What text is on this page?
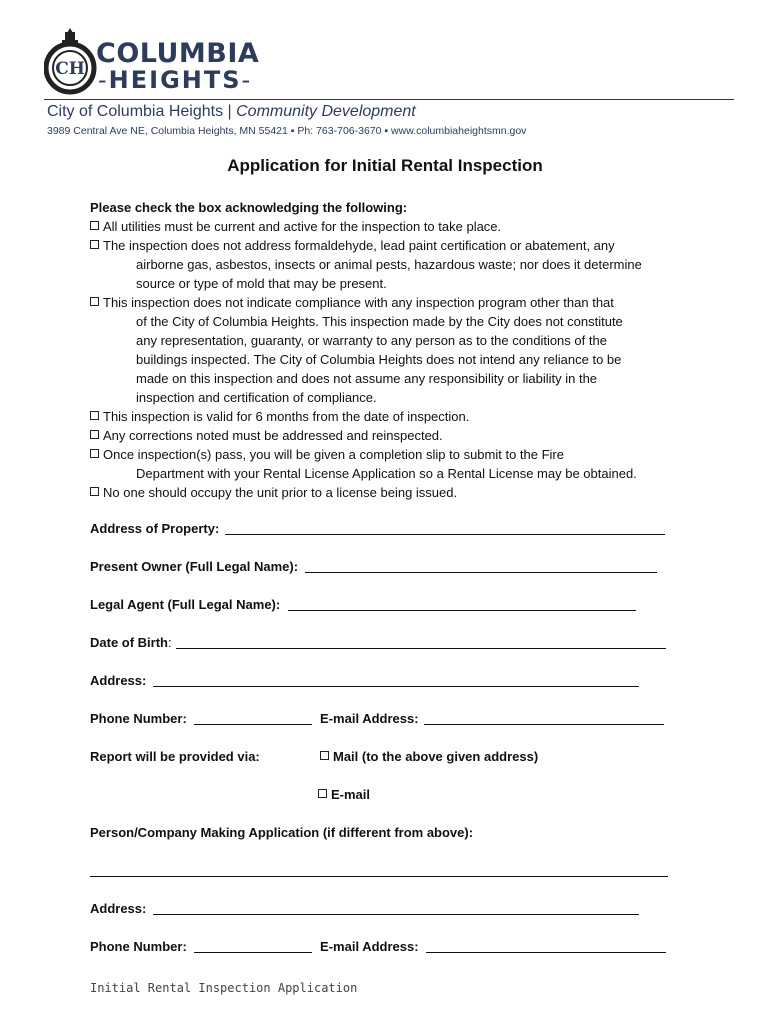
CH COLUMBIA
-HEIGHTS-
City of Columbia Heights | Community Development
3989 Central Ave NE, Columbia Heights, MN 55421 ▪ Ph: 763-706-3670 ▪ www.columbiaheightsmn.gov
Application for Initial Rental Inspection
Please check the box acknowledging the following:
All utilities must be current and active for the inspection to take place.
The inspection does not address formaldehyde, lead paint certification or abatement, any
airborne gas, asbestos, insects or animal pests, hazardous waste; nor does it determine
source or type of mold that may be present.
This inspection does not indicate compliance with any inspection program other than that
of the City of Columbia Heights. This inspection made by the City does not constitute
any representation, guaranty, or warranty to any person as to the conditions of the
buildings inspected. The City of Columbia Heights does not intend any reliance to be
made on this inspection and does not assume any responsibility or liability in the
inspection and certification of compliance.
This inspection is valid for 6 months from the date of inspection.
Any corrections noted must be addressed and reinspected.
Once inspection(s) pass, you will be given a completion slip to submit to the Fire
Department with your Rental License Application so a Rental License may be obtained.
No one should occupy the unit prior to a license being issued.
Address of Property:
Present Owner (Full Legal Name):
Legal Agent (Full Legal Name):
Date of Birth:
Address:
Phone Number:	E-mail Address:
Report will be provided via:	Mail (to the above given address)
E-mail
Person/Company Making Application (if different from above):
Address:
Phone Number:	E-mail Address:
Initial Rental Inspection Application
